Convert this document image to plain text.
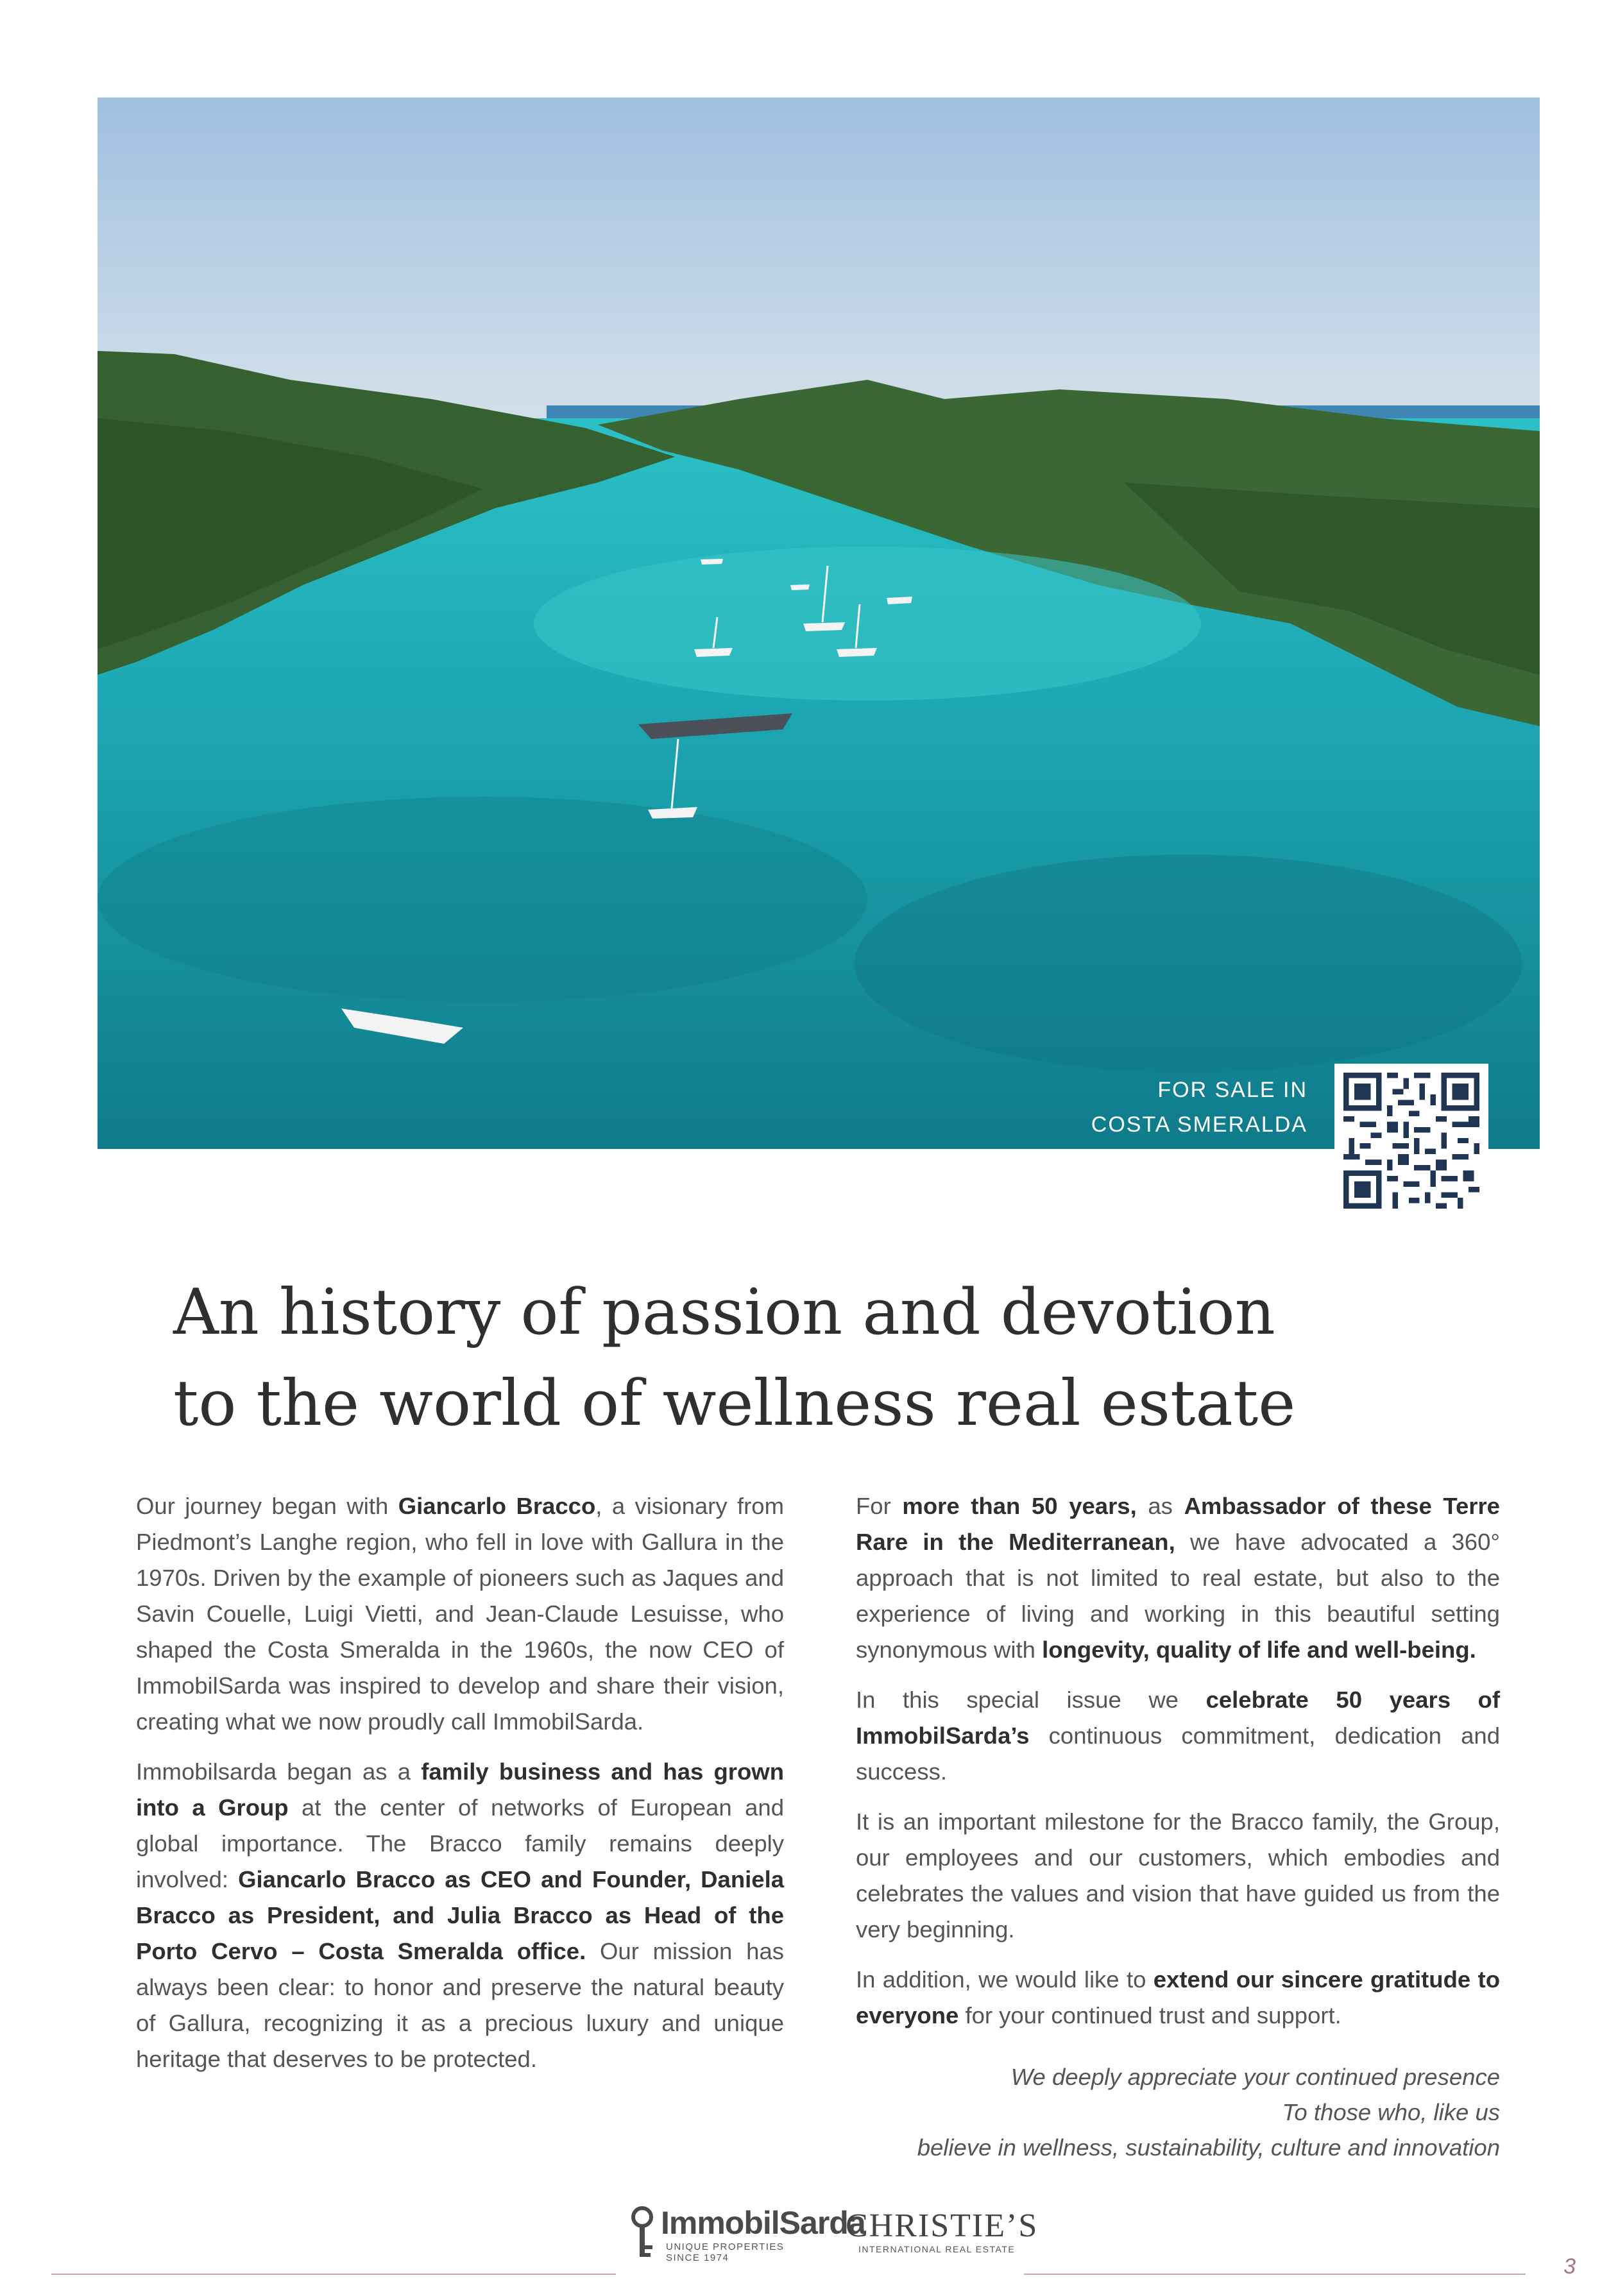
FOR SALE IN
COSTA SMERALDA
An history of passion and devotion
to the world of wellness real estate

Our journey began with Giancarlo Bracco, a visionary from Piedmont’s Langhe region, who fell in love with Gallura in the 1970s. Driven by the example of pioneers such as Jaques and Savin Couelle, Luigi Vietti, and Jean-Claude Lesuisse, who shaped the Costa Smeralda in the 1960s, the now CEO of ImmobilSarda was inspired to develop and share their vision, creating what we now proudly call ImmobilSarda.

Immobilsarda began as a family business and has grown into a Group at the center of networks of European and global importance. The Bracco family remains deeply involved: Giancarlo Bracco as CEO and Founder, Daniela Bracco as President, and Julia Bracco as Head of the Porto Cervo – Costa Smeralda office. Our mission has always been clear: to honor and preserve the natural beauty of Gallura, recognizing it as a precious luxury and unique heritage that deserves to be protected.

For more than 50 years, as Ambassador of these Terre Rare in the Mediterranean, we have advocated a 360° approach that is not limited to real estate, but also to the experience of living and working in this beautiful setting synonymous with longevity, quality of life and well-being.

In this special issue we celebrate 50 years of ImmobilSarda’s continuous commitment, dedication and success.

It is an important milestone for the Bracco family, the Group, our employees and our customers, which embodies and celebrates the values and vision that have guided us from the very beginning.

In addition, we would like to extend our sincere gratitude to everyone for your continued trust and support.

We deeply appreciate your continued presence
To those who, like us
believe in wellness, sustainability, culture and innovation
ImmobilSarda
UNIQUE PROPERTIES SINCE 1974
CHRISTIE’S
INTERNATIONAL REAL ESTATE
3
